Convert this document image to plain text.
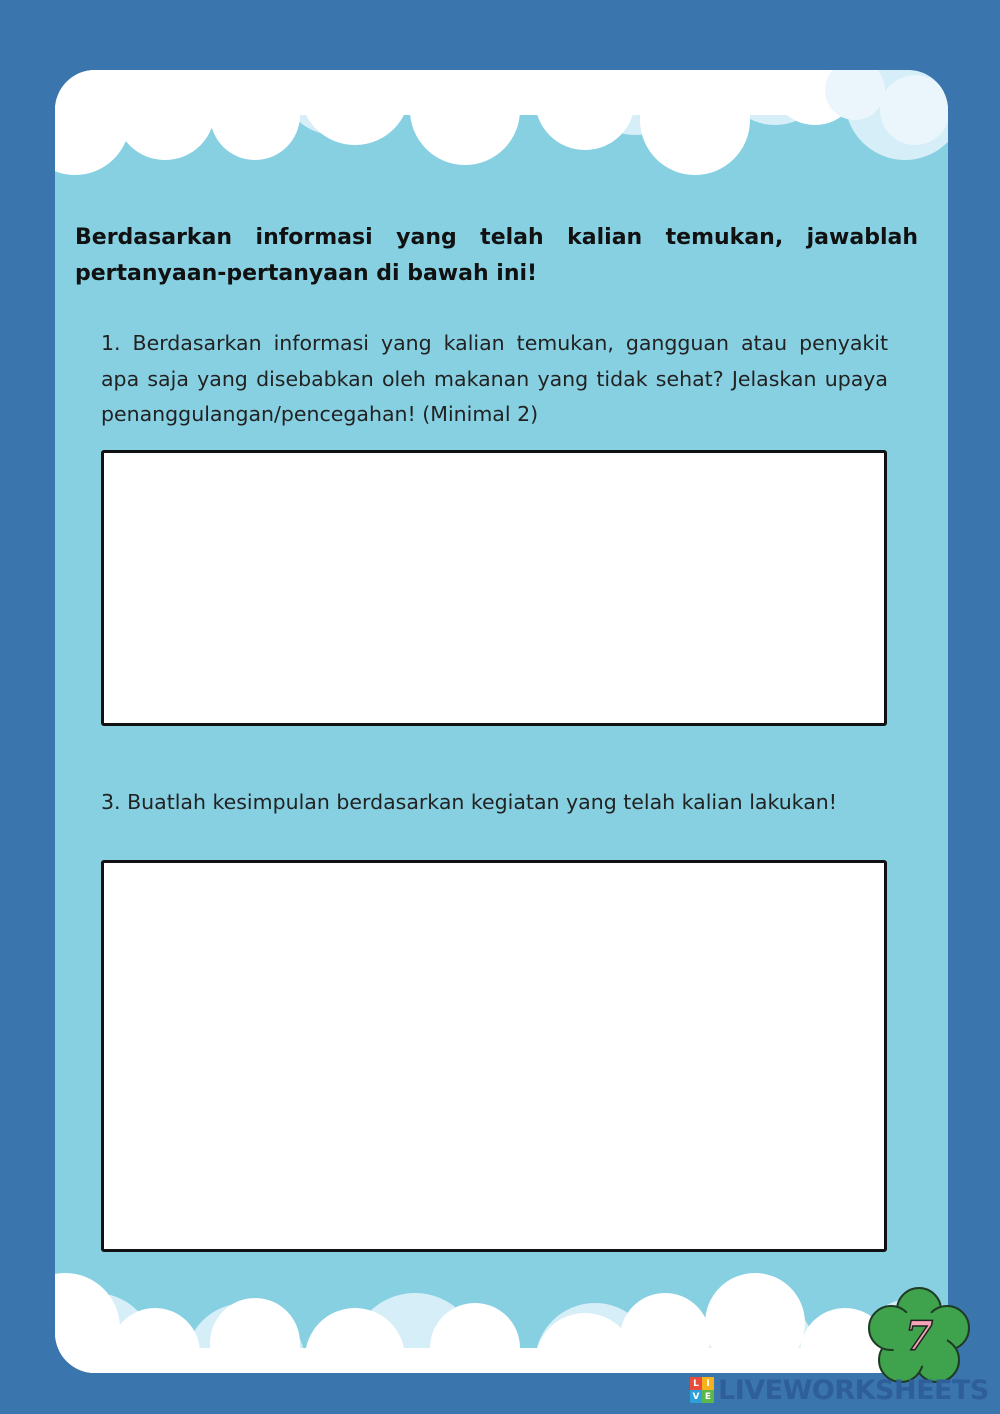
Berdasarkan informasi yang telah kalian temukan, jawablah pertanyaan-pertanyaan di bawah ini!

1. Berdasarkan informasi yang kalian temukan, gangguan atau penyakit apa saja yang disebabkan oleh makanan yang tidak sehat? Jelaskan upaya penanggulangan/pencegahan! (Minimal 2)

3. Buatlah kesimpulan berdasarkan kegiatan yang telah kalian lakukan!

7
L I
V E LIVEWORKSHEETS
